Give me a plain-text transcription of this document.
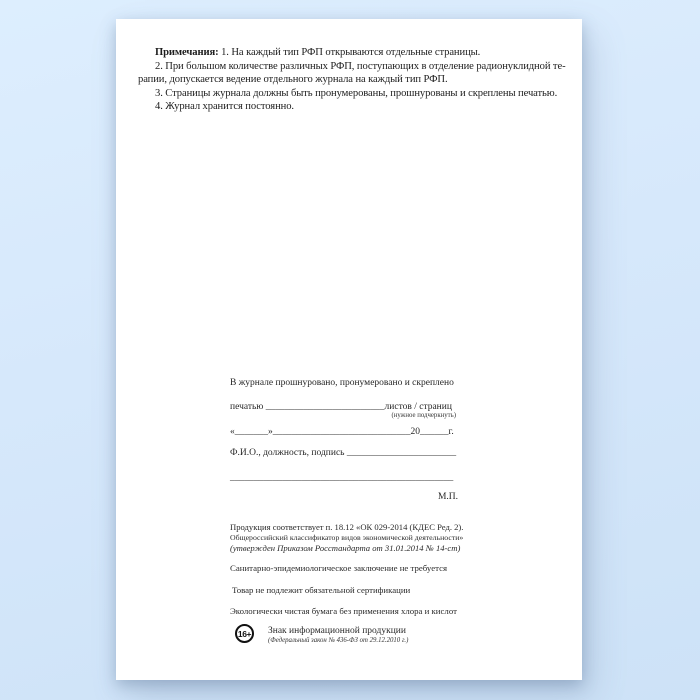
Примечания: 1. На каждый тип РФП открываются отдельные страницы.
2. При большом количестве различных РФП, поступающих в отделение радионуклидной те-
рапии, допускается ведение отдельного журнала на каждый тип РФП.
3. Страницы журнала должны быть пронумерованы, прошнурованы и скреплены печатью.
4. Журнал хранится постоянно.
В журнале прошнуровано, пронумеровано и скреплено
печатью _________________________листов / страниц
(нужное подчеркнуть)
«_______»_____________________________20______г.
Ф.И.О., должность, подпись _______________________
_______________________________________________
М.П.
Продукция соответствует п. 18.12 «ОК 029-2014 (КДЕС Ред. 2).
Общероссийский классификатор видов экономической деятельности»
(утвержден Приказом Росстандарта от 31.01.2014 № 14-ст)
Санитарно-эпидемиологическое заключение не требуется
Товар не подлежит обязательной сертификации
Экологически чистая бумага без применения хлора и кислот
16+ Знак информационной продукции
(Федеральный закон № 436-ФЗ от 29.12.2010 г.)
